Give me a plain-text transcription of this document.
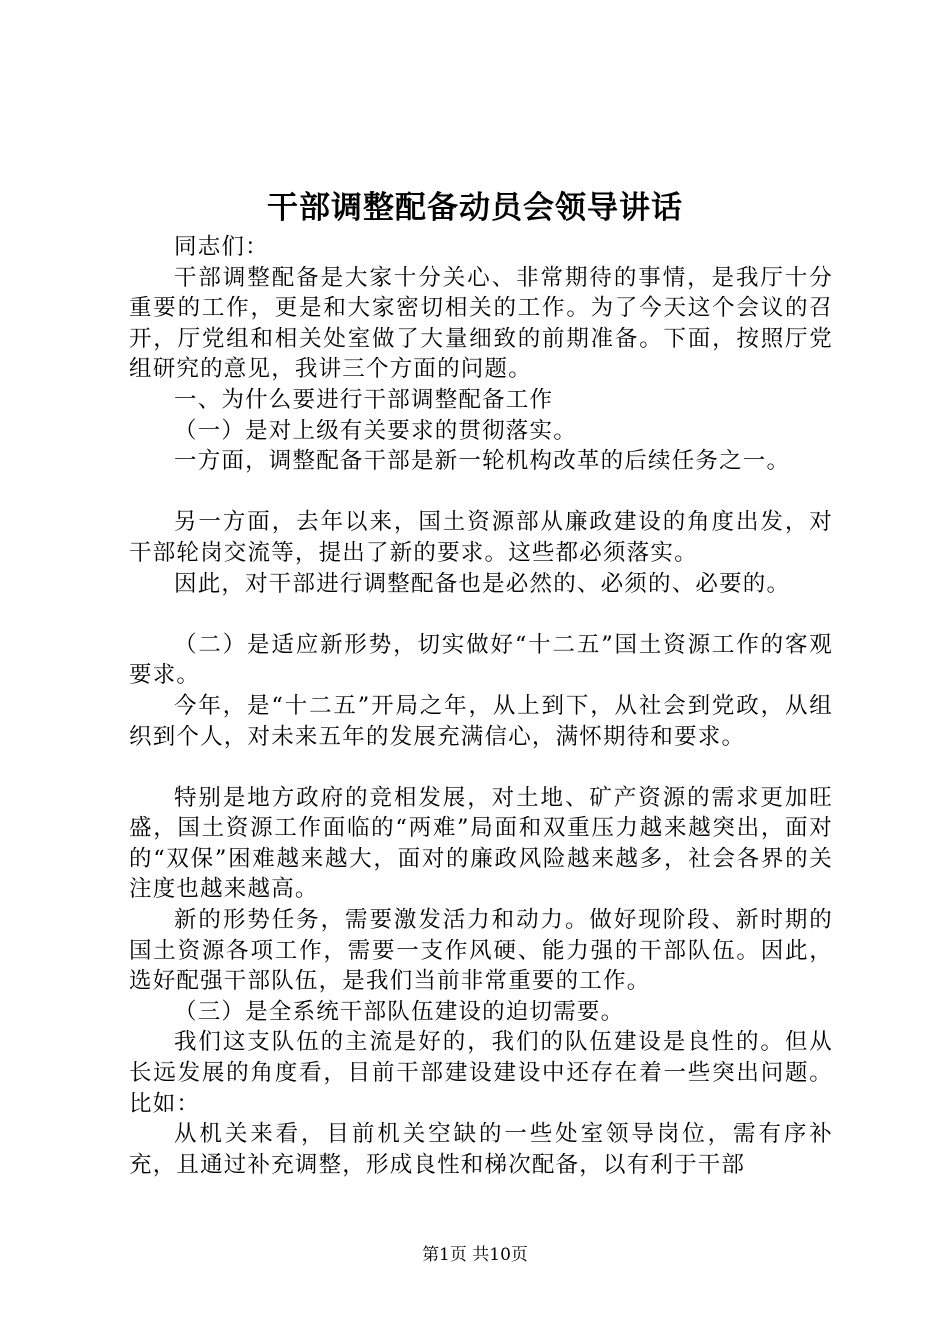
干部调整配备动员会领导讲话

同志们：

干部调整配备是大家十分关心、非常期待的事情，是我厅十分重要的工作，更是和大家密切相关的工作。为了今天这个会议的召开，厅党组和相关处室做了大量细致的前期准备。下面，按照厅党组研究的意见，我讲三个方面的问题。

一、为什么要进行干部调整配备工作

（一）是对上级有关要求的贯彻落实。

一方面，调整配备干部是新一轮机构改革的后续任务之一。

另一方面，去年以来，国土资源部从廉政建设的角度出发，对干部轮岗交流等，提出了新的要求。这些都必须落实。

因此，对干部进行调整配备也是必然的、必须的、必要的。

（二）是适应新形势，切实做好“十二五”国土资源工作的客观要求。

今年，是“十二五”开局之年，从上到下，从社会到党政，从组织到个人，对未来五年的发展充满信心，满怀期待和要求。

特别是地方政府的竞相发展，对土地、矿产资源的需求更加旺盛，国土资源工作面临的“两难”局面和双重压力越来越突出，面对的“双保”困难越来越大，面对的廉政风险越来越多，社会各界的关注度也越来越高。

新的形势任务，需要激发活力和动力。做好现阶段、新时期的国土资源各项工作，需要一支作风硬、能力强的干部队伍。因此，选好配强干部队伍，是我们当前非常重要的工作。

（三）是全系统干部队伍建设的迫切需要。

我们这支队伍的主流是好的，我们的队伍建设是良性的。但从长远发展的角度看，目前干部建设建设中还存在着一些突出问题。比如：

从机关来看，目前机关空缺的一些处室领导岗位，需有序补充，且通过补充调整，形成良性和梯次配备，以有利于干部

第1页 共10页
